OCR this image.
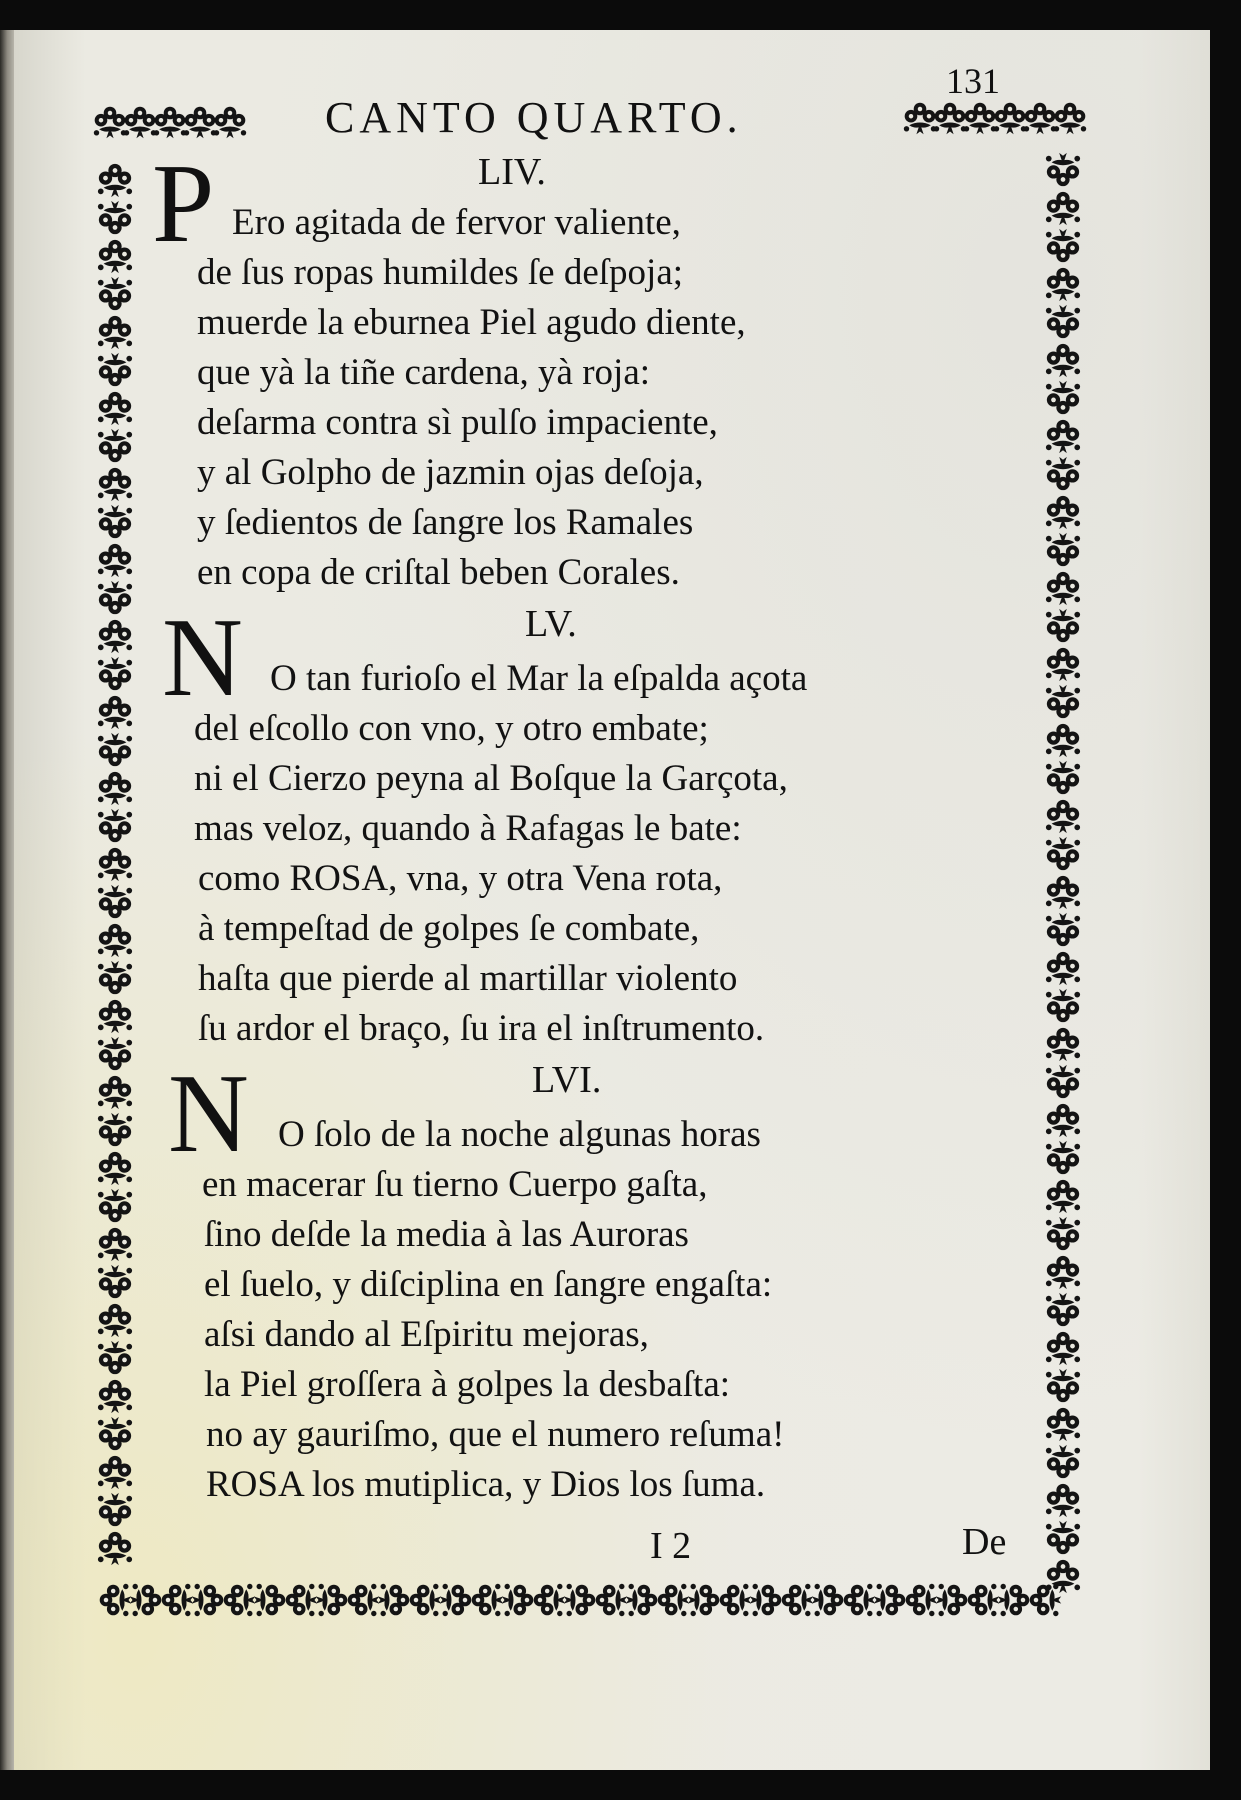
CANTO QUARTO.
131
LIV.
P Ero agitada de fervor valiente,
de ſus ropas humildes ſe deſpoja;
muerde la eburnea Piel agudo diente,
que yà la tiñe cardena, yà roja:
deſarma contra sì pulſo impaciente,
y al Golpho de jazmin ojas deſoja,
y ſedientos de ſangre los Ramales
en copa de criſtal beben Corales.
LV.
N O tan furioſo el Mar la eſpalda açota
del eſcollo con vno, y otro embate;
ni el Cierzo peyna al Boſque la Garçota,
mas veloz, quando à Rafagas le bate:
como ROSA, vna, y otra Vena rota,
à tempeſtad de golpes ſe combate,
haſta que pierde al martillar violento
ſu ardor el braço, ſu ira el inſtrumento.
LVI.
N O ſolo de la noche algunas horas
en macerar ſu tierno Cuerpo gaſta,
ſino deſde la media à las Auroras
el ſuelo, y diſciplina en ſangre engaſta:
aſsi dando al Eſpiritu mejoras,
la Piel groſſera à golpes la desbaſta:
no ay gauriſmo, que el numero reſuma!
ROSA los mutiplica, y Dios los ſuma.
I 2	De
